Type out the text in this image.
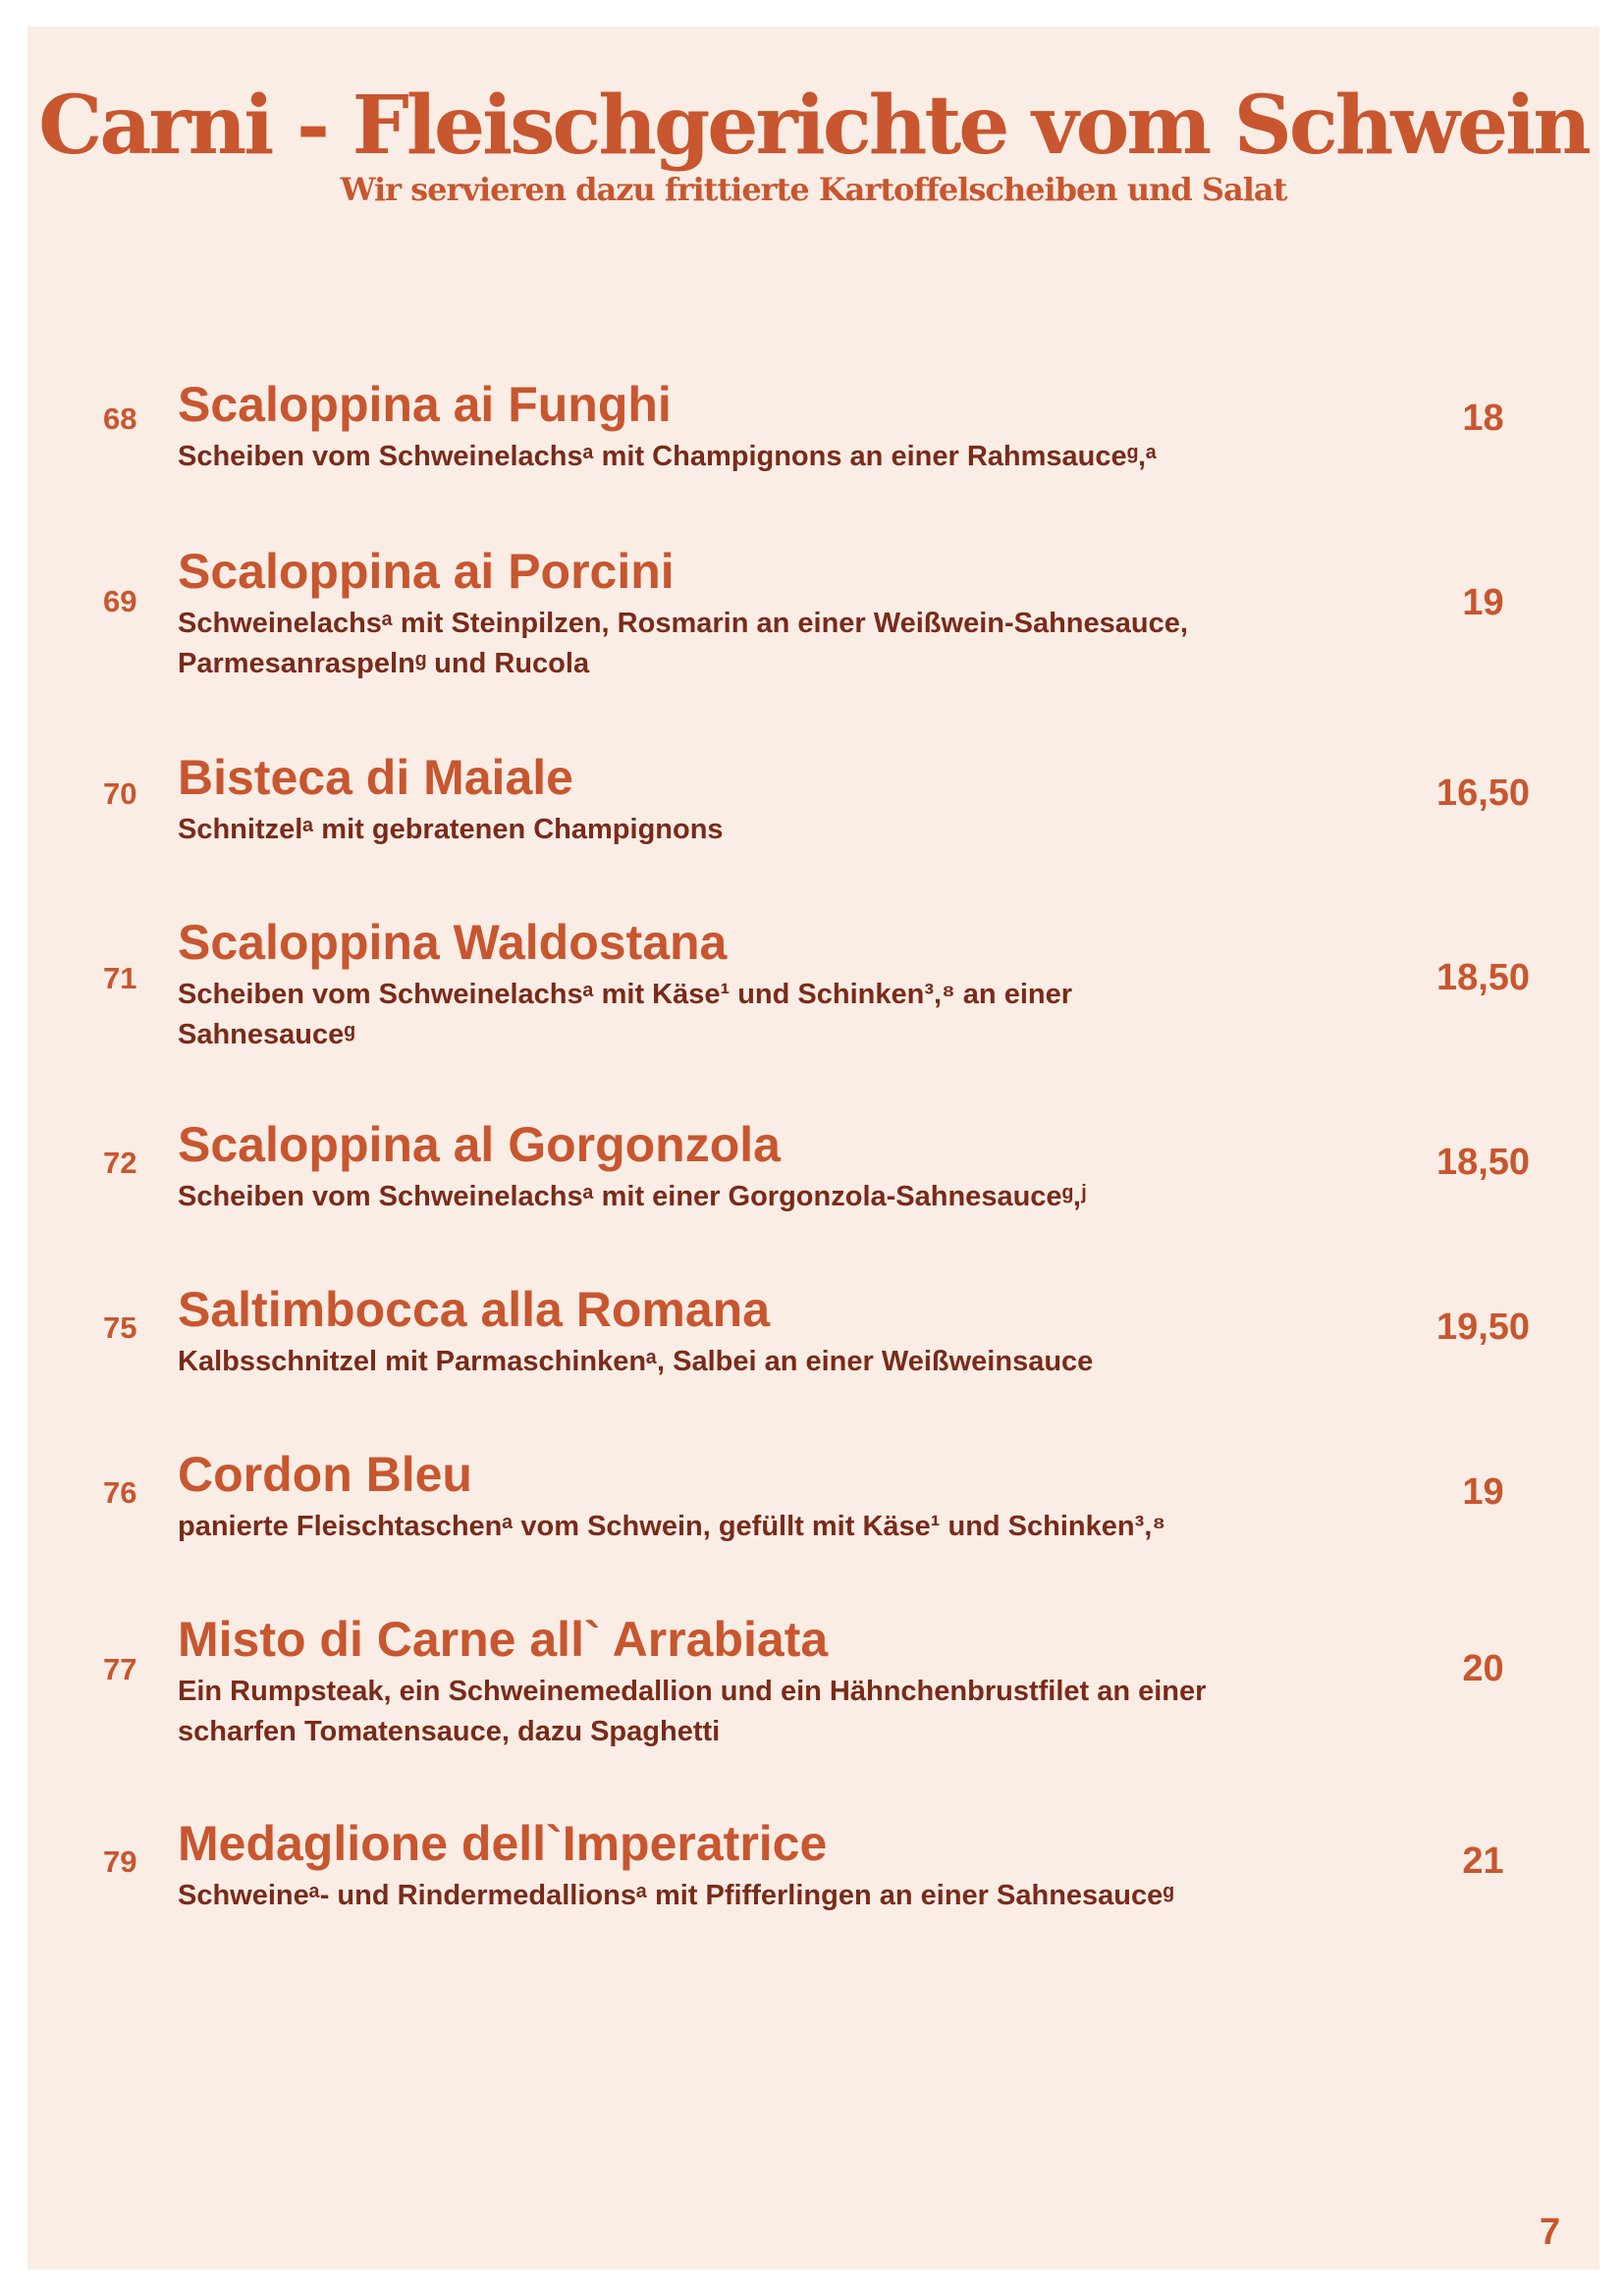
Carni - Fleischgerichte vom Schwein
Wir servieren dazu frittierte Kartoffelscheiben und Salat
68 Scaloppina ai Funghi
Scheiben vom Schweinelachsᵃ mit Champignons an einer Rahmsauceᵍ,ᵃ
18
69
Scaloppina ai Porcini
Schweinelachsᵃ mit Steinpilzen, Rosmarin an einer Weißwein-Sahnesauce, Parmesanraspelnᵍ und Rucola
19
70 Bisteca di Maiale
Schnitzelᵃ mit gebratenen Champignons
16,50
71
Scaloppina Waldostana
Scheiben vom Schweinelachsᵃ mit Käse¹ und Schinken³,⁸ an einer Sahnesauceᵍ
18,50
72 Scaloppina al Gorgonzola
Scheiben vom Schweinelachsᵃ mit einer Gorgonzola-Sahnesauceᵍ,ʲ
18,50
75 Saltimbocca alla Romana
Kalbsschnitzel mit Parmaschinkenᵃ, Salbei an einer Weißweinsauce
19,50
76 Cordon Bleu
panierte Fleischtaschenᵃ vom Schwein, gefüllt mit Käse¹ und Schinken³,⁸
19
77
Misto di Carne all` Arrabiata
Ein Rumpsteak, ein Schweinemedallion und ein Hähnchenbrustfilet an einer scharfen Tomatensauce, dazu Spaghetti
20
79 Medaglione dell`Imperatrice
Schweineᵃ- und Rindermedallionsᵃ mit Pfifferlingen an einer Sahnesauceᵍ
21
7
